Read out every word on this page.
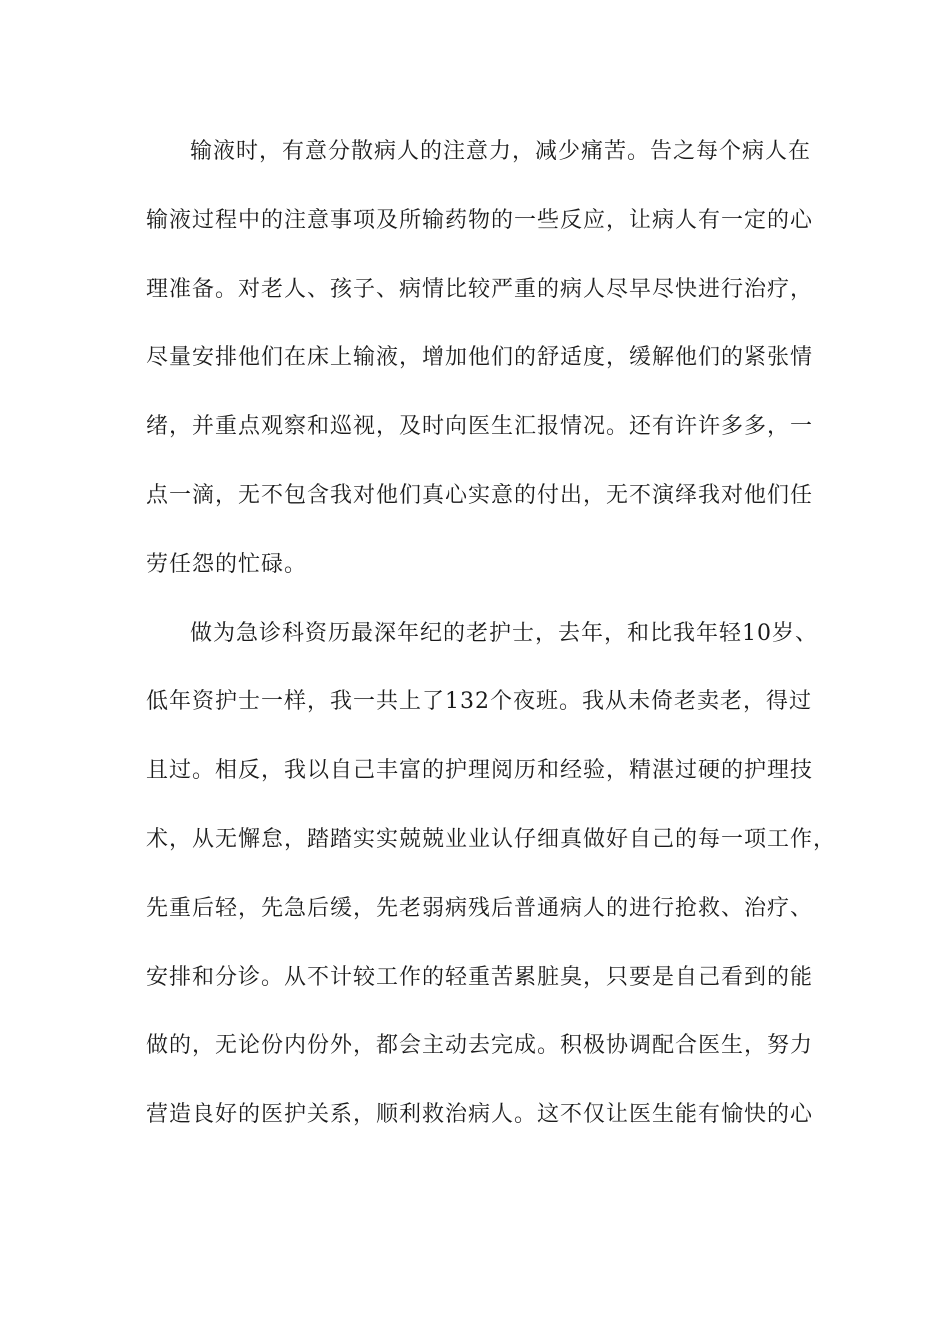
输液时，有意分散病人的注意力，减少痛苦。告之每个病人在
输液过程中的注意事项及所输药物的一些反应，让病人有一定的心
理准备。对老人、孩子、病情比较严重的病人尽早尽快进行治疗，
尽量安排他们在床上输液，增加他们的舒适度，缓解他们的紧张情
绪，并重点观察和巡视，及时向医生汇报情况。还有许许多多，一
点一滴，无不包含我对他们真心实意的付出，无不演绎我对他们任
劳任怨的忙碌。
做为急诊科资历最深年纪的老护士，去年，和比我年轻10岁、
低年资护士一样，我一共上了132个夜班。我从未倚老卖老，得过
且过。相反，我以自己丰富的护理阅历和经验，精湛过硬的护理技
术，从无懈怠，踏踏实实兢兢业业认仔细真做好自己的每一项工作，
先重后轻，先急后缓，先老弱病残后普通病人的进行抢救、治疗、
安排和分诊。从不计较工作的轻重苦累脏臭，只要是自己看到的能
做的，无论份内份外，都会主动去完成。积极协调配合医生，努力
营造良好的医护关系，顺利救治病人。这不仅让医生能有愉快的心
